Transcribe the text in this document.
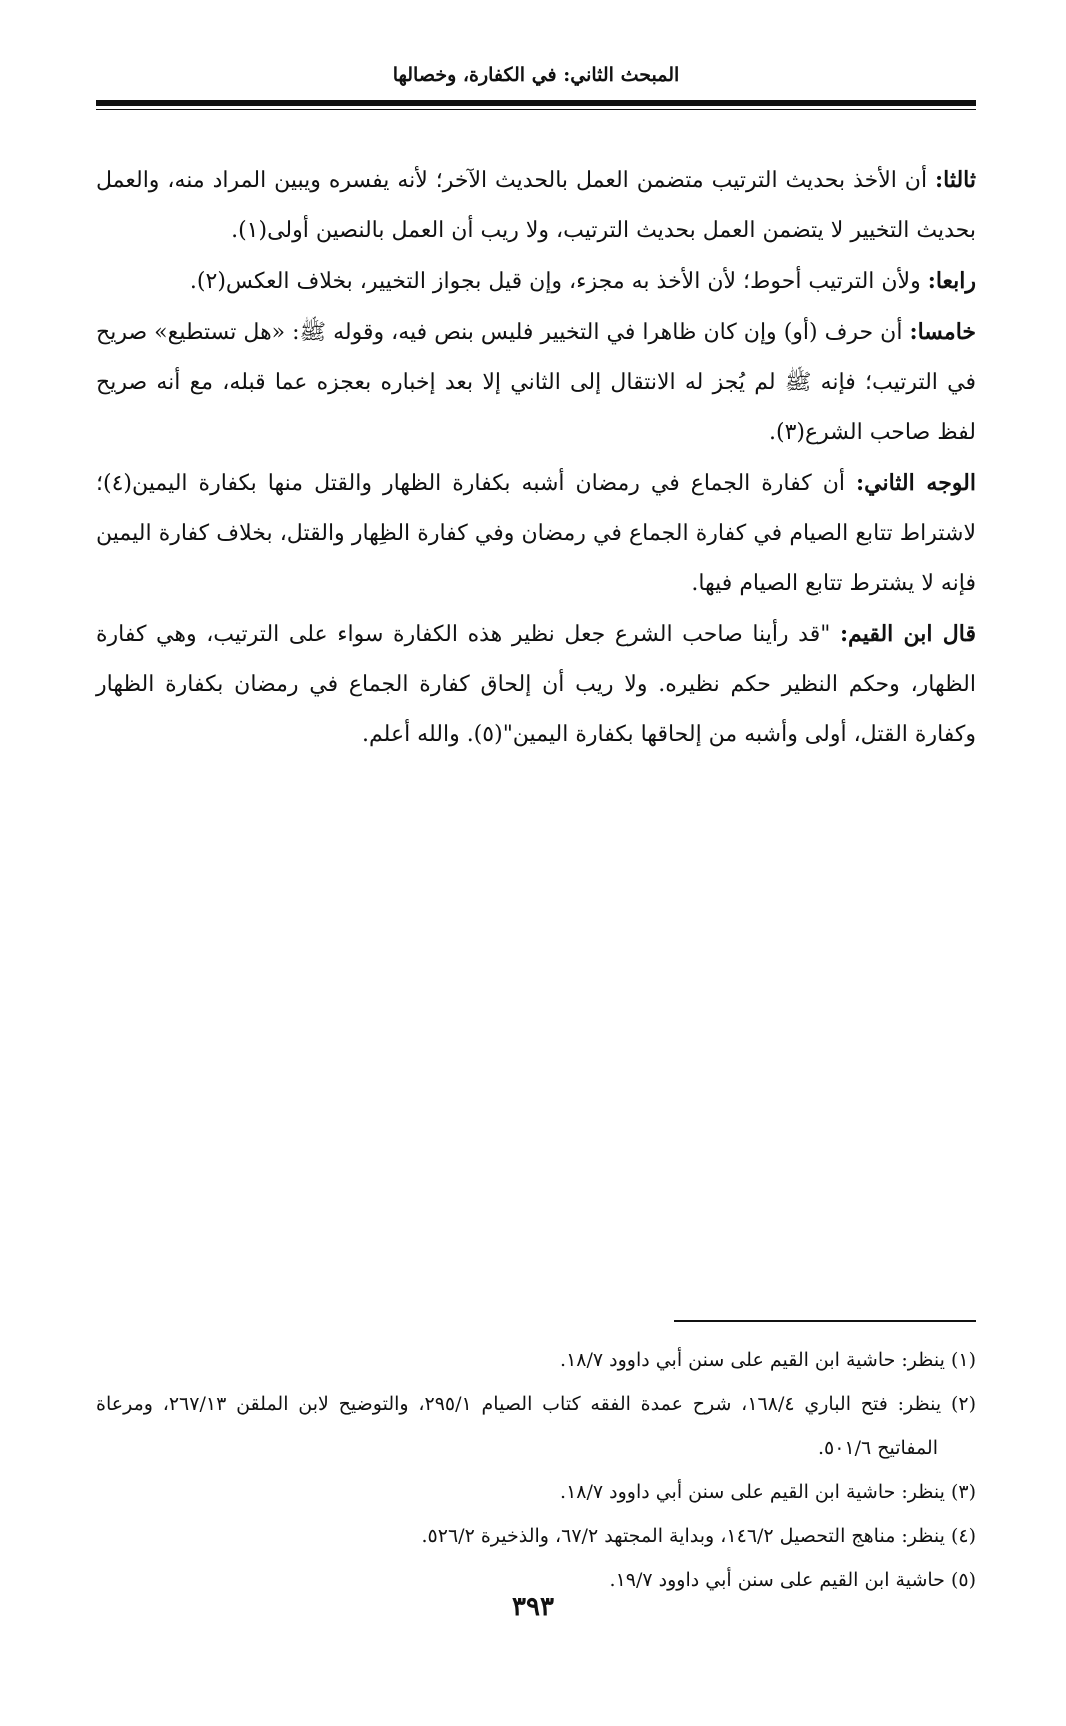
المبحث الثاني: في الكفارة، وخصالها

ثالثا: أن الأخذ بحديث الترتيب متضمن العمل بالحديث الآخر؛ لأنه يفسره ويبين المراد منه، والعمل بحديث التخيير لا يتضمن العمل بحديث الترتيب، ولا ريب أن العمل بالنصين أولى(١).

رابعا: ولأن الترتيب أحوط؛ لأن الأخذ به مجزء، وإن قيل بجواز التخيير، بخلاف العكس(٢).

خامسا: أن حرف (أو) وإن كان ظاهرا في التخيير فليس بنص فيه، وقوله ﷺ: «هل تستطيع» صريح في الترتيب؛ فإنه ﷺ لم يُجز له الانتقال إلى الثاني إلا بعد إخباره بعجزه عما قبله، مع أنه صريح لفظ صاحب الشرع(٣).

الوجه الثاني: أن كفارة الجماع في رمضان أشبه بكفارة الظهار والقتل منها بكفارة اليمين(٤)؛ لاشتراط تتابع الصيام في كفارة الجماع في رمضان وفي كفارة الظِهار والقتل، بخلاف كفارة اليمين فإنه لا يشترط تتابع الصيام فيها.

قال ابن القيم: "قد رأينا صاحب الشرع جعل نظير هذه الكفارة سواء على الترتيب، وهي كفارة الظهار، وحكم النظير حكم نظيره. ولا ريب أن إلحاق كفارة الجماع في رمضان بكفارة الظهار وكفارة القتل، أولى وأشبه من إلحاقها بكفارة اليمين"(٥). والله أعلم.

(١) ينظر: حاشية ابن القيم على سنن أبي داوود ١٨/٧.

(٢) ينظر: فتح الباري ١٦٨/٤، شرح عمدة الفقه كتاب الصيام ٢٩٥/١، والتوضيح لابن الملقن ٢٦٧/١٣، ومرعاة المفاتيح ٥٠١/٦.

(٣) ينظر: حاشية ابن القيم على سنن أبي داوود ١٨/٧.

(٤) ينظر: مناهج التحصيل ١٤٦/٢، وبداية المجتهد ٦٧/٢، والذخيرة ٥٢٦/٢.

(٥) حاشية ابن القيم على سنن أبي داوود ١٩/٧.

٣٩٣
